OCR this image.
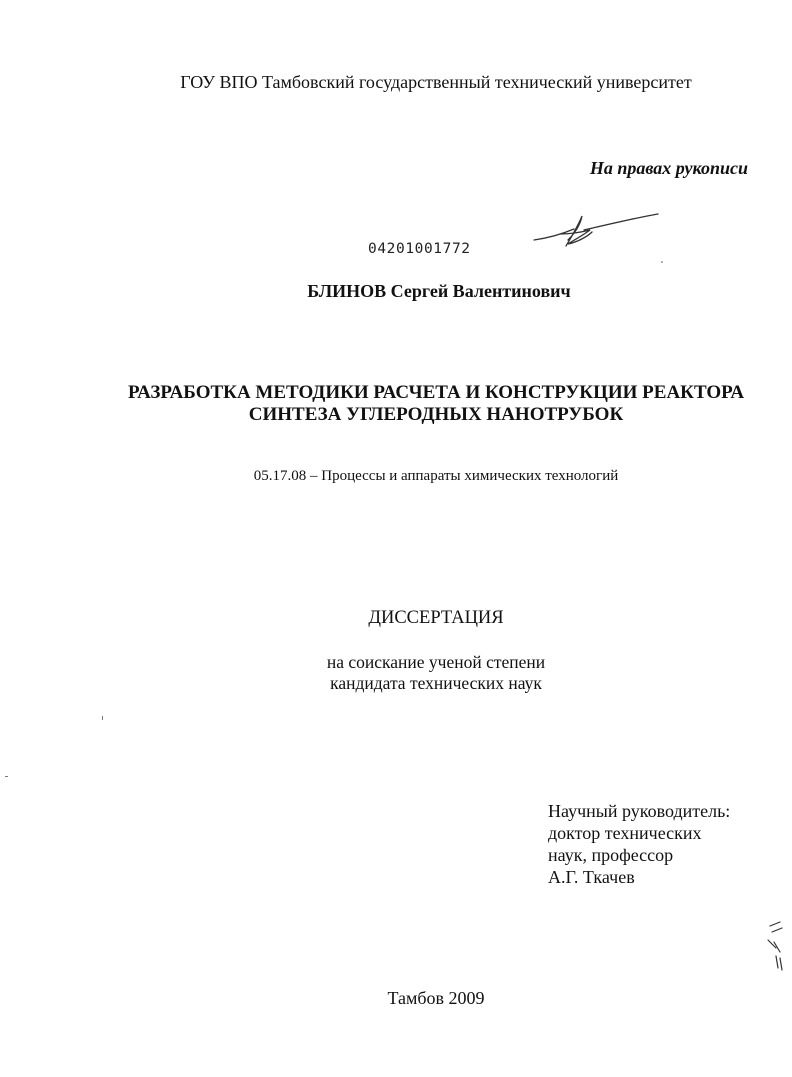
ГОУ ВПО Тамбовский государственный технический университет
На правах рукописи
04201001772
БЛИНОВ Сергей Валентинович
РАЗРАБОТКА МЕТОДИКИ РАСЧЕТА И КОНСТРУКЦИИ РЕАКТОРА
СИНТЕЗА УГЛЕРОДНЫХ НАНОТРУБОК
05.17.08 – Процессы и аппараты химических технологий
ДИССЕРТАЦИЯ
на соискание ученой степени
кандидата технических наук
Научный руководитель:
доктор технических
наук, профессор
А.Г. Ткачев
Тамбов 2009
